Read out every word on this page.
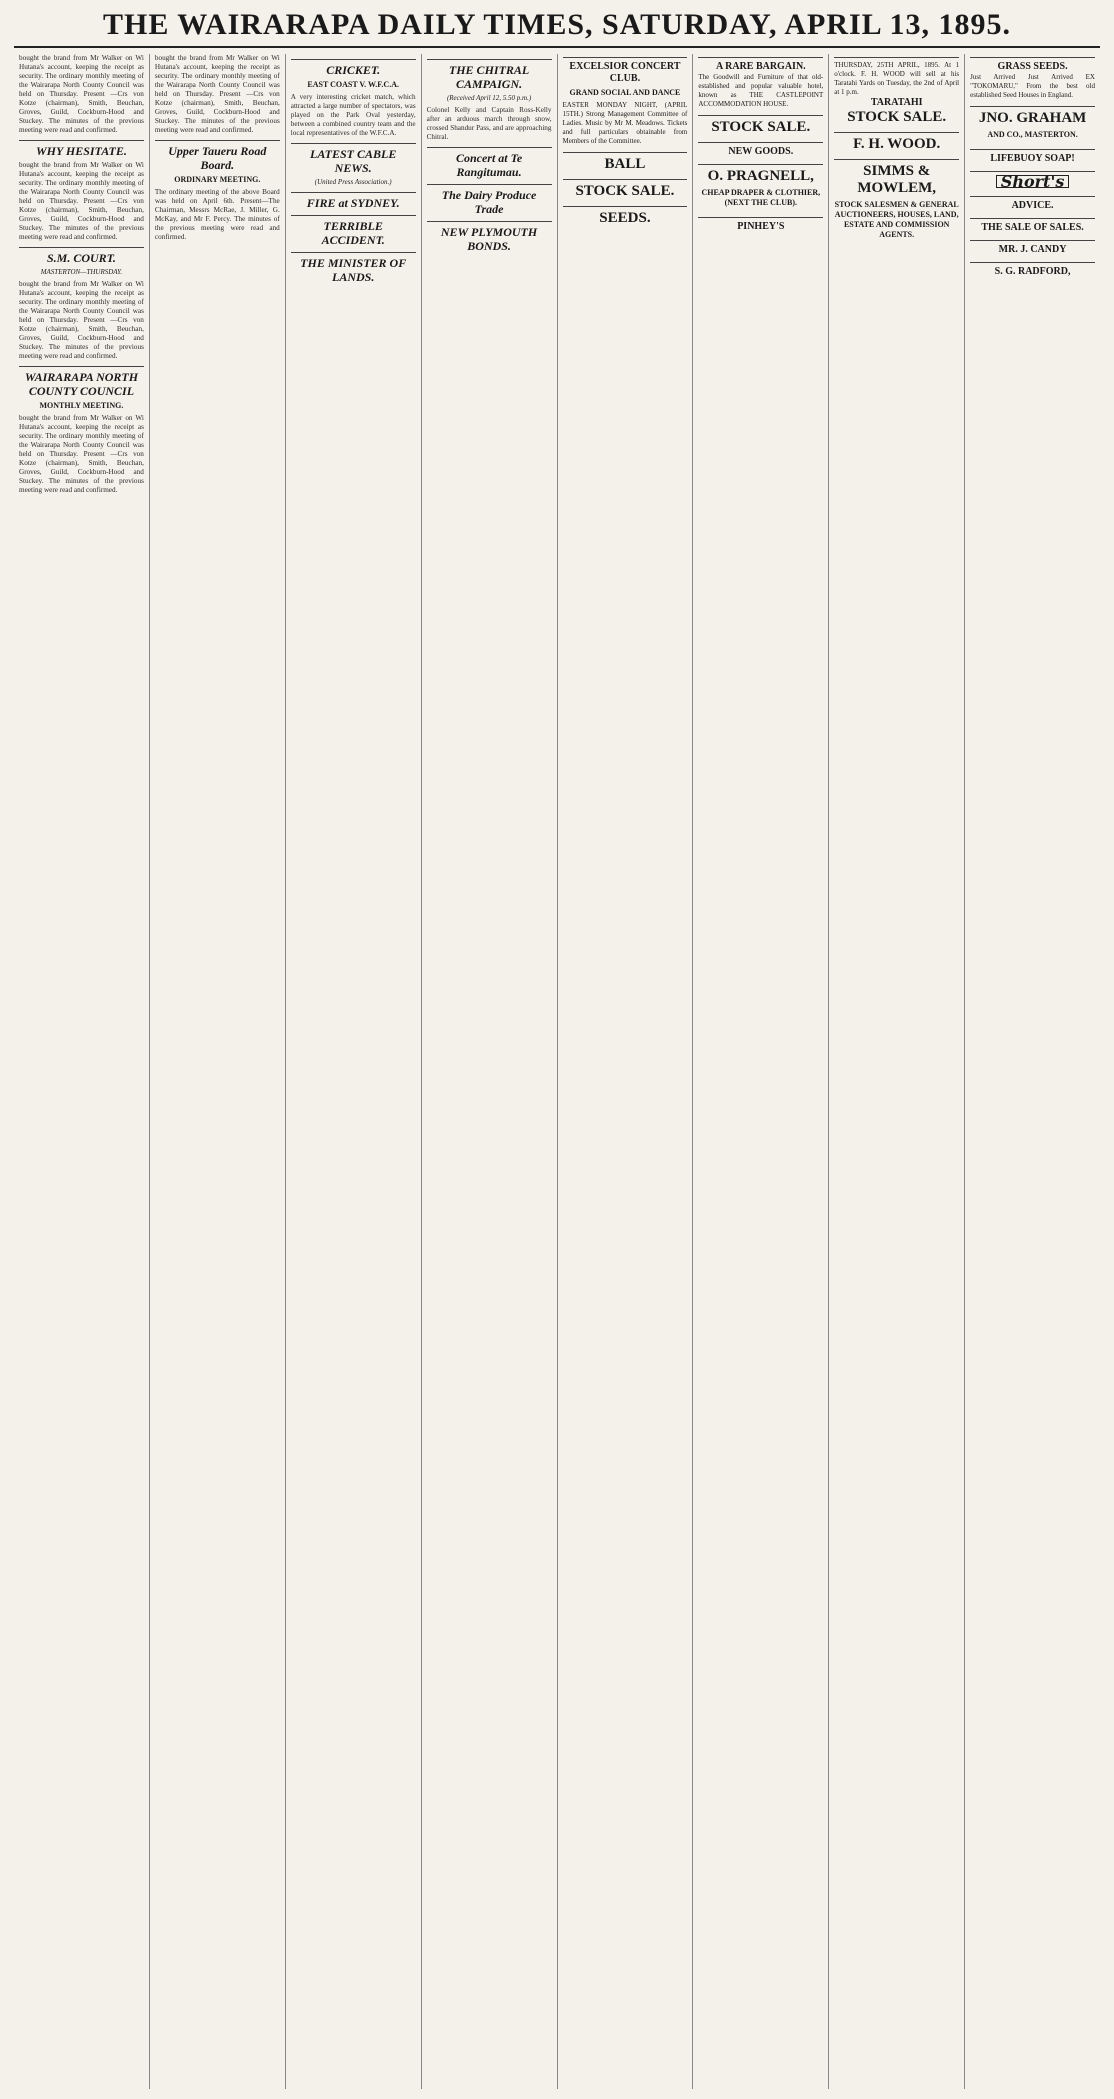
THE WAIRARAPA DAILY TIMES, SATURDAY, APRIL 13, 1895.
bought the brand from Mr Walker on Wi Hutana's account, keeping the receipt as security. The ordinary monthly meeting of the Wairarapa North County Council was held on Thursday. Present —Crs von Kotze (chairman), Smith, Beuchan, Groves, Guild, Cockburn-Hood and Stuckey. The minutes of the previous meeting were read and confirmed.
WHY HESITATE.
bought the brand from Mr Walker on Wi Hutana's account, keeping the receipt as security. The ordinary monthly meeting of the Wairarapa North County Council was held on Thursday. Present —Crs von Kotze (chairman), Smith, Beuchan, Groves, Guild, Cockburn-Hood and Stuckey. The minutes of the previous meeting were read and confirmed.
S.M. COURT.
MASTERTON—THURSDAY.
bought the brand from Mr Walker on Wi Hutana's account, keeping the receipt as security. The ordinary monthly meeting of the Wairarapa North County Council was held on Thursday. Present —Crs von Kotze (chairman), Smith, Beuchan, Groves, Guild, Cockburn-Hood and Stuckey. The minutes of the previous meeting were read and confirmed.
WAIRARAPA NORTH COUNTY COUNCIL
MONTHLY MEETING.
bought the brand from Mr Walker on Wi Hutana's account, keeping the receipt as security. The ordinary monthly meeting of the Wairarapa North County Council was held on Thursday. Present —Crs von Kotze (chairman), Smith, Beuchan, Groves, Guild, Cockburn-Hood and Stuckey. The minutes of the previous meeting were read and confirmed.
bought the brand from Mr Walker on Wi Hutana's account, keeping the receipt as security. The ordinary monthly meeting of the Wairarapa North County Council was held on Thursday. Present —Crs von Kotze (chairman), Smith, Beuchan, Groves, Guild, Cockburn-Hood and Stuckey. The minutes of the previous meeting were read and confirmed.
Upper Taueru Road Board.
ORDINARY MEETING.
The ordinary meeting of the above Board was held on April 6th. Present—The Chairman, Messrs McRae, J. Miller, G. McKay, and Mr F. Percy. The minutes of the previous meeting were read and confirmed.
CRICKET.
EAST COAST V. W.F.C.A.
A very interesting cricket match, which attracted a large number of spectators, was played on the Park Oval yesterday, between a combined country team and the local representatives of the W.F.C.A.
LATEST CABLE NEWS.
(United Press Association.)
FIRE at SYDNEY.
TERRIBLE ACCIDENT.
THE MINISTER OF LANDS.
THE CHITRAL CAMPAIGN.
(Received April 12, 5.50 p.m.)
Colonel Kelly and Captain Ross-Kelly after an arduous march through snow, crossed Shandur Pass, and are approaching Chitral.
Concert at Te Rangitumau.
The Dairy Produce Trade
NEW PLYMOUTH BONDS.
EXCELSIOR CONCERT CLUB.
GRAND SOCIAL AND DANCE
EASTER MONDAY NIGHT, (APRIL 15TH.) Strong Management Committee of Ladies. Music by Mr M. Meadows. Tickets and full particulars obtainable from Members of the Committee.
BALL
STOCK SALE.
SEEDS.
A RARE BARGAIN.
The Goodwill and Furniture of that old-established and popular valuable hotel, known as THE CASTLEPOINT ACCOMMODATION HOUSE.
STOCK SALE.
NEW GOODS.
O. PRAGNELL,
CHEAP DRAPER & CLOTHIER, (NEXT THE CLUB).
PINHEY'S
THURSDAY, 25TH APRIL, 1895. At 1 o'clock. F. H. WOOD will sell at his Taratahi Yards on Tuesday, the 2nd of April at 1 p.m.
TARATAHI
STOCK SALE.
F. H. WOOD.
SIMMS & MOWLEM,
STOCK SALESMEN & GENERAL AUCTIONEERS, HOUSES, LAND, ESTATE AND COMMISSION AGENTS.
GRASS SEEDS.
Just Arrived Just Arrived EX "TOKOMARU," From the best old established Seed Houses in England.
JNO. GRAHAM
AND CO., MASTERTON.
LIFEBUOY SOAP!
Short's
ADVICE.
THE SALE OF SALES.
MR. J. CANDY
S. G. RADFORD,
